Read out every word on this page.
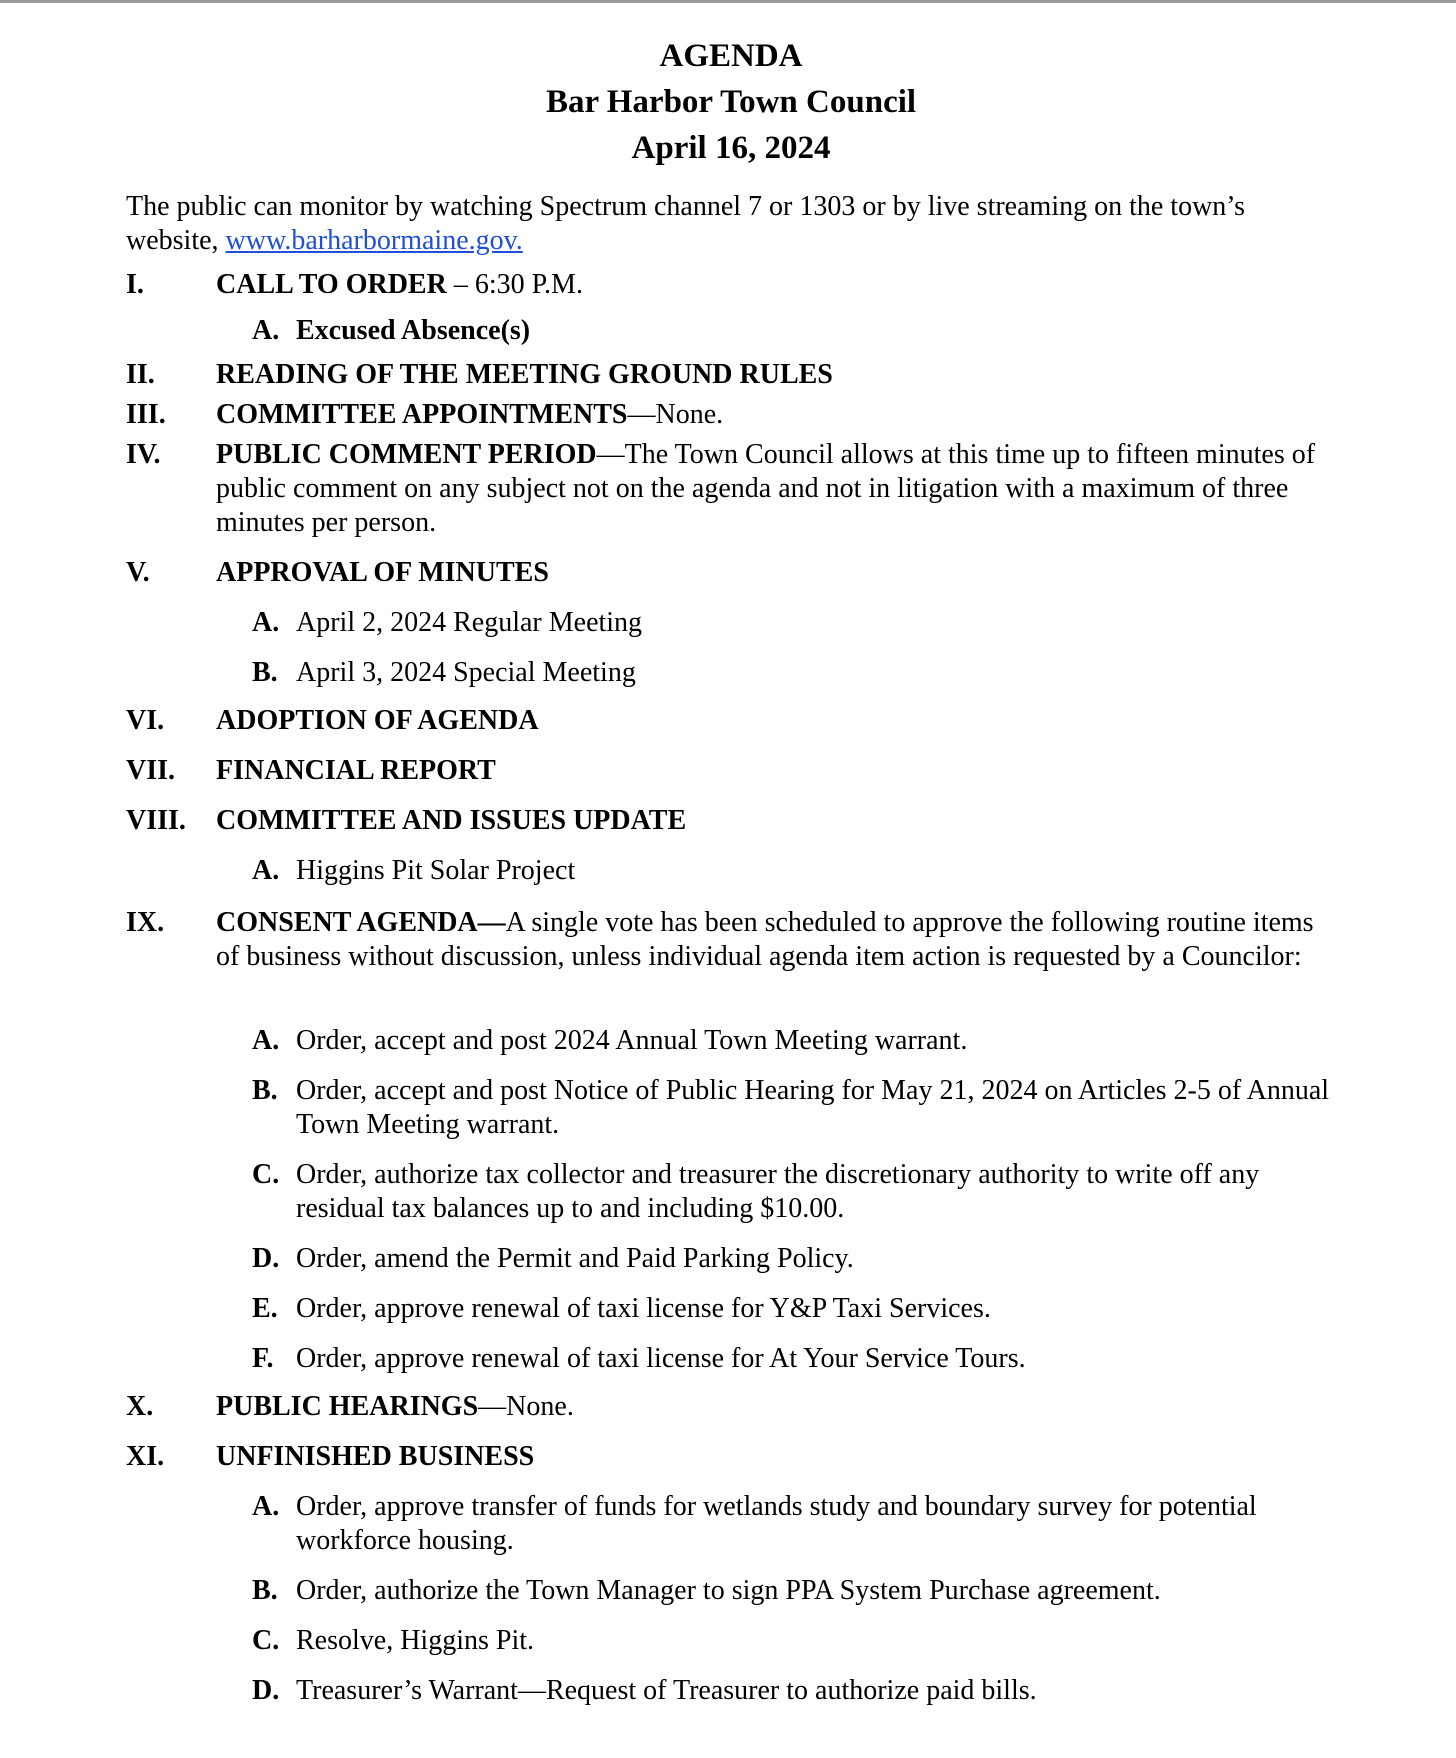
AGENDA
Bar Harbor Town Council
April 16, 2024
The public can monitor by watching Spectrum channel 7 or 1303 or by live streaming on the town’s website, www.barharbormaine.gov.
I.	CALL TO ORDER – 6:30 P.M.
A. Excused Absence(s)
II. READING OF THE MEETING GROUND RULES
III. COMMITTEE APPOINTMENTS—None.
IV. PUBLIC COMMENT PERIOD—The Town Council allows at this time up to fifteen minutes of public comment on any subject not on the agenda and not in litigation with a maximum of three minutes per person.
V. APPROVAL OF MINUTES
A. April 2, 2024 Regular Meeting
B. April 3, 2024 Special Meeting
VI. ADOPTION OF AGENDA
VII. FINANCIAL REPORT
VIII. COMMITTEE AND ISSUES UPDATE
A. Higgins Pit Solar Project
IX. CONSENT AGENDA—A single vote has been scheduled to approve the following routine items of business without discussion, unless individual agenda item action is requested by a Councilor:
A. Order, accept and post 2024 Annual Town Meeting warrant.
B. Order, accept and post Notice of Public Hearing for May 21, 2024 on Articles 2-5 of Annual Town Meeting warrant.
C. Order, authorize tax collector and treasurer the discretionary authority to write off any residual tax balances up to and including $10.00.
D. Order, amend the Permit and Paid Parking Policy.
E. Order, approve renewal of taxi license for Y&P Taxi Services.
F. Order, approve renewal of taxi license for At Your Service Tours.
X. PUBLIC HEARINGS—None.
XI. UNFINISHED BUSINESS
A. Order, approve transfer of funds for wetlands study and boundary survey for potential workforce housing.
B. Order, authorize the Town Manager to sign PPA System Purchase agreement.
C. Resolve, Higgins Pit.
D. Treasurer’s Warrant—Request of Treasurer to authorize paid bills.
